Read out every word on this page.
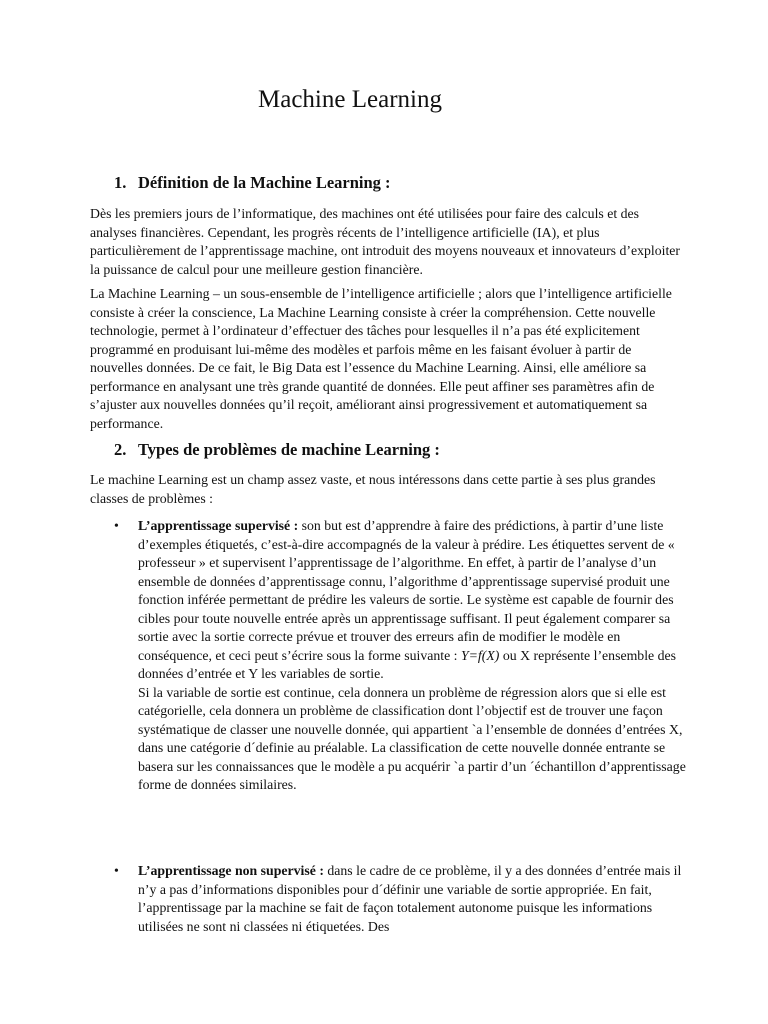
Machine Learning
1. Définition de la Machine Learning :

Dès les premiers jours de l’informatique, des machines ont été utilisées pour faire des calculs et des analyses financières. Cependant, les progrès récents de l’intelligence artificielle (IA), et plus particulièrement de l’apprentissage machine, ont introduit des moyens nouveaux et innovateurs d’exploiter la puissance de calcul pour une meilleure gestion financière.

La Machine Learning – un sous-ensemble de l’intelligence artificielle ; alors que l’intelligence artificielle consiste à créer la conscience, La Machine Learning consiste à créer la compréhension. Cette nouvelle technologie, permet à l’ordinateur d’effectuer des tâches pour lesquelles il n’a pas été explicitement programmé en produisant lui-même des modèles et parfois même en les faisant évoluer à partir de nouvelles données. De ce fait, le Big Data est l’essence du Machine Learning. Ainsi, elle améliore sa performance en analysant une très grande quantité de données. Elle peut affiner ses paramètres afin de s’ajuster aux nouvelles données qu’il reçoit, améliorant ainsi progressivement et automatiquement sa performance.

2. Types de problèmes de machine Learning :

Le machine Learning est un champ assez vaste, et nous intéressons dans cette partie à ses plus grandes classes de problèmes :

• L’apprentissage supervisé : son but est d’apprendre à faire des prédictions, à partir d’une liste d’exemples étiquetés, c’est-à-dire accompagnés de la valeur à prédire. Les étiquettes servent de « professeur » et supervisent l’apprentissage de l’algorithme. En effet, à partir de l’analyse d’un ensemble de données d’apprentissage connu, l’algorithme d’apprentissage supervisé produit une fonction inférée permettant de prédire les valeurs de sortie. Le système est capable de fournir des cibles pour toute nouvelle entrée après un apprentissage suffisant. Il peut également comparer sa sortie avec la sortie correcte prévue et trouver des erreurs afin de modifier le modèle en conséquence, et ceci peut s’écrire sous la forme suivante : Y=f(X) ou X représente l’ensemble des données d’entrée et Y les variables de sortie.
Si la variable de sortie est continue, cela donnera un problème de régression alors que si elle est catégorielle, cela donnera un problème de classification dont l’objectif est de trouver une façon systématique de classer une nouvelle donnée, qui appartient `a l’ensemble de données d’entrées X, dans une catégorie d´definie au préalable. La classification de cette nouvelle donnée entrante se basera sur les connaissances que le modèle a pu acquérir `a partir d’un ´échantillon d’apprentissage forme de données similaires.
• L’apprentissage non supervisé : dans le cadre de ce problème, il y a des données d’entrée mais il n’y a pas d’informations disponibles pour d´définir une variable de sortie appropriée. En fait, l’apprentissage par la machine se fait de façon totalement autonome puisque les informations utilisées ne sont ni classées ni étiquetées. Des
